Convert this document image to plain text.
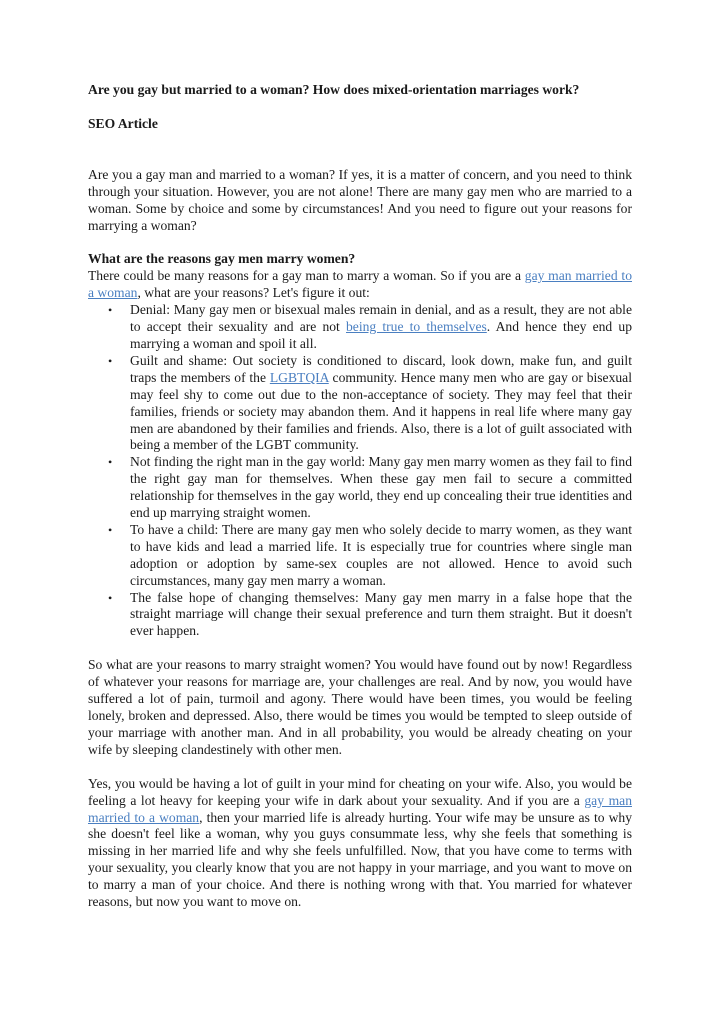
Are you gay but married to a woman? How does mixed-orientation marriages work?

SEO Article

Are you a gay man and married to a woman? If yes, it is a matter of concern, and you need to think through your situation. However, you are not alone! There are many gay men who are married to a woman. Some by choice and some by circumstances! And you need to figure out your reasons for marrying a woman?

What are the reasons gay men marry women?

There could be many reasons for a gay man to marry a woman. So if you are a gay man married to a woman, what are your reasons? Let's figure it out:

• Denial: Many gay men or bisexual males remain in denial, and as a result, they are not able to accept their sexuality and are not being true to themselves. And hence they end up marrying a woman and spoil it all.
• Guilt and shame: Out society is conditioned to discard, look down, make fun, and guilt traps the members of the LGBTQIA community. Hence many men who are gay or bisexual may feel shy to come out due to the non-acceptance of society. They may feel that their families, friends or society may abandon them. And it happens in real life where many gay men are abandoned by their families and friends. Also, there is a lot of guilt associated with being a member of the LGBT community.
• Not finding the right man in the gay world: Many gay men marry women as they fail to find the right gay man for themselves. When these gay men fail to secure a committed relationship for themselves in the gay world, they end up concealing their true identities and end up marrying straight women.
• To have a child: There are many gay men who solely decide to marry women, as they want to have kids and lead a married life. It is especially true for countries where single man adoption or adoption by same-sex couples are not allowed. Hence to avoid such circumstances, many gay men marry a woman.
• The false hope of changing themselves: Many gay men marry in a false hope that the straight marriage will change their sexual preference and turn them straight. But it doesn't ever happen.

So what are your reasons to marry straight women? You would have found out by now! Regardless of whatever your reasons for marriage are, your challenges are real. And by now, you would have suffered a lot of pain, turmoil and agony. There would have been times, you would be feeling lonely, broken and depressed. Also, there would be times you would be tempted to sleep outside of your marriage with another man. And in all probability, you would be already cheating on your wife by sleeping clandestinely with other men.

Yes, you would be having a lot of guilt in your mind for cheating on your wife. Also, you would be feeling a lot heavy for keeping your wife in dark about your sexuality. And if you are a gay man married to a woman, then your married life is already hurting. Your wife may be unsure as to why she doesn't feel like a woman, why you guys consummate less, why she feels that something is missing in her married life and why she feels unfulfilled. Now, that you have come to terms with your sexuality, you clearly know that you are not happy in your marriage, and you want to move on to marry a man of your choice. And there is nothing wrong with that. You married for whatever reasons, but now you want to move on.
